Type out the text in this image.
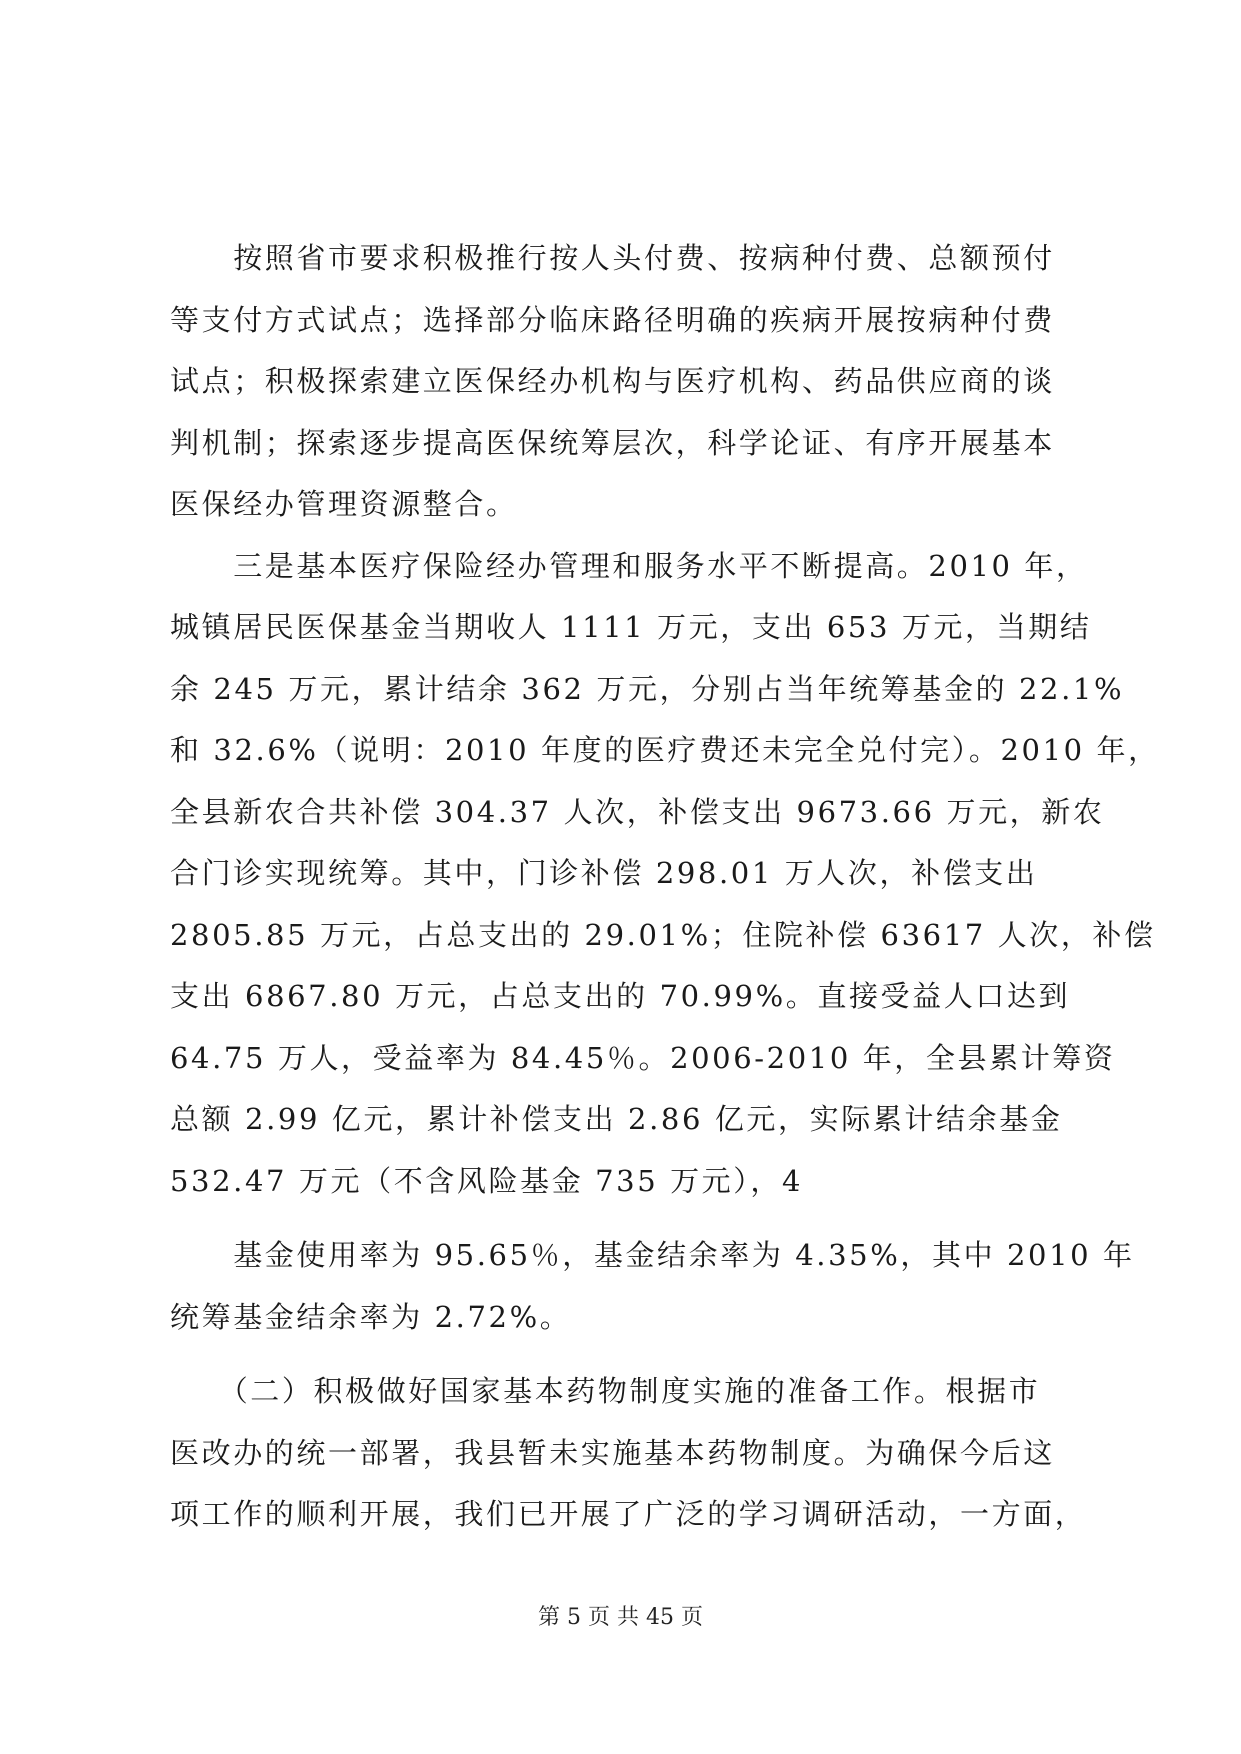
　　按照省市要求积极推行按人头付费、按病种付费、总额预付
等支付方式试点；选择部分临床路径明确的疾病开展按病种付费
试点；积极探索建立医保经办机构与医疗机构、药品供应商的谈
判机制；探索逐步提高医保统筹层次，科学论证、有序开展基本
医保经办管理资源整合。
　　三是基本医疗保险经办管理和服务水平不断提高。2010 年，
城镇居民医保基金当期收人 1111 万元，支出 653 万元，当期结
余 245 万元，累计结余 362 万元，分别占当年统筹基金的 22.1%
和 32.6%（说明：2010 年度的医疗费还未完全兑付完）。2010 年，
全县新农合共补偿 304.37 人次，补偿支出 9673.66 万元，新农
合门诊实现统筹。其中，门诊补偿 298.01 万人次，补偿支出
2805.85 万元，占总支出的 29.01%；住院补偿 63617 人次，补偿
支出 6867.80 万元，占总支出的 70.99%。直接受益人口达到
64.75 万人，受益率为 84.45％。2006-2010 年，全县累计筹资
总额 2.99 亿元，累计补偿支出 2.86 亿元，实际累计结余基金
532.47 万元（不含风险基金 735 万元），4
　　基金使用率为 95.65％，基金结余率为 4.35%，其中 2010 年
统筹基金结余率为 2.72%。
　　（二）积极做好国家基本药物制度实施的准备工作。根据市
医改办的统一部署，我县暂未实施基本药物制度。为确保今后这
项工作的顺利开展，我们已开展了广泛的学习调研活动，一方面，
第 5 页 共 45 页
